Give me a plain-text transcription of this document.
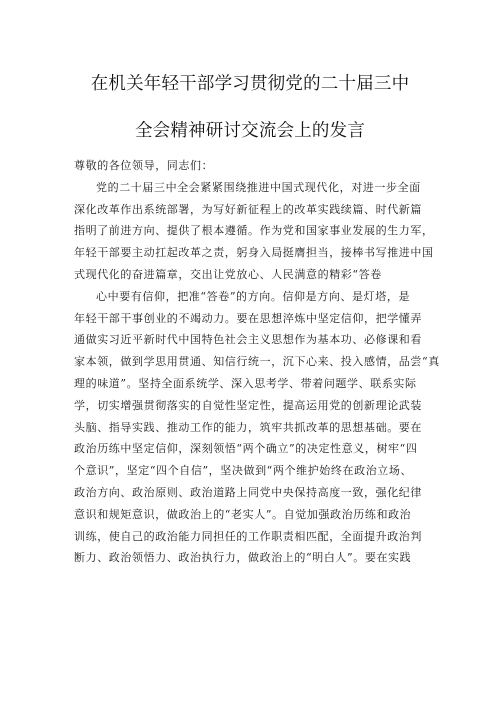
在机关年轻干部学习贯彻党的二十届三中
全会精神研讨交流会上的发言
尊敬的各位领导，同志们：
党的二十届三中全会紧紧围绕推进中国式现代化，对进一步全面
深化改革作出系统部署，为写好新征程上的改革实践续篇、时代新篇
指明了前进方向、提供了根本遵循。作为党和国家事业发展的生力军，
年轻干部要主动扛起改革之责，躬身入局挺膺担当，接棒书写推进中国
式现代化的奋进篇章，交出让党放心、人民满意的精彩“答卷
心中要有信仰，把准“答卷”的方向。信仰是方向、是灯塔，是
年轻干部干事创业的不竭动力。要在思想淬炼中坚定信仰，把学懂弄
通做实习近平新时代中国特色社会主义思想作为基本功、必修课和看
家本领，做到学思用贯通、知信行统一，沉下心来、投入感情，品尝“真
理的味道”。坚持全面系统学、深入思考学、带着问题学、联系实际
学，切实增强贯彻落实的自觉性坚定性，提高运用党的创新理论武装
头脑、指导实践、推动工作的能力，筑牢共抓改革的思想基础。要在
政治历练中坚定信仰，深刻领悟“两个确立”的决定性意义，树牢“四
个意识”，坚定“四个自信”，坚决做到“两个维护始终在政治立场、
政治方向、政治原则、政治道路上同党中央保持高度一致，强化纪律
意识和规矩意识，做政治上的“老实人”。自觉加强政治历练和政治
训练，使自己的政治能力同担任的工作职责相匹配，全面提升政治判
断力、政治领悟力、政治执行力，做政治上的“明白人”。要在实践
